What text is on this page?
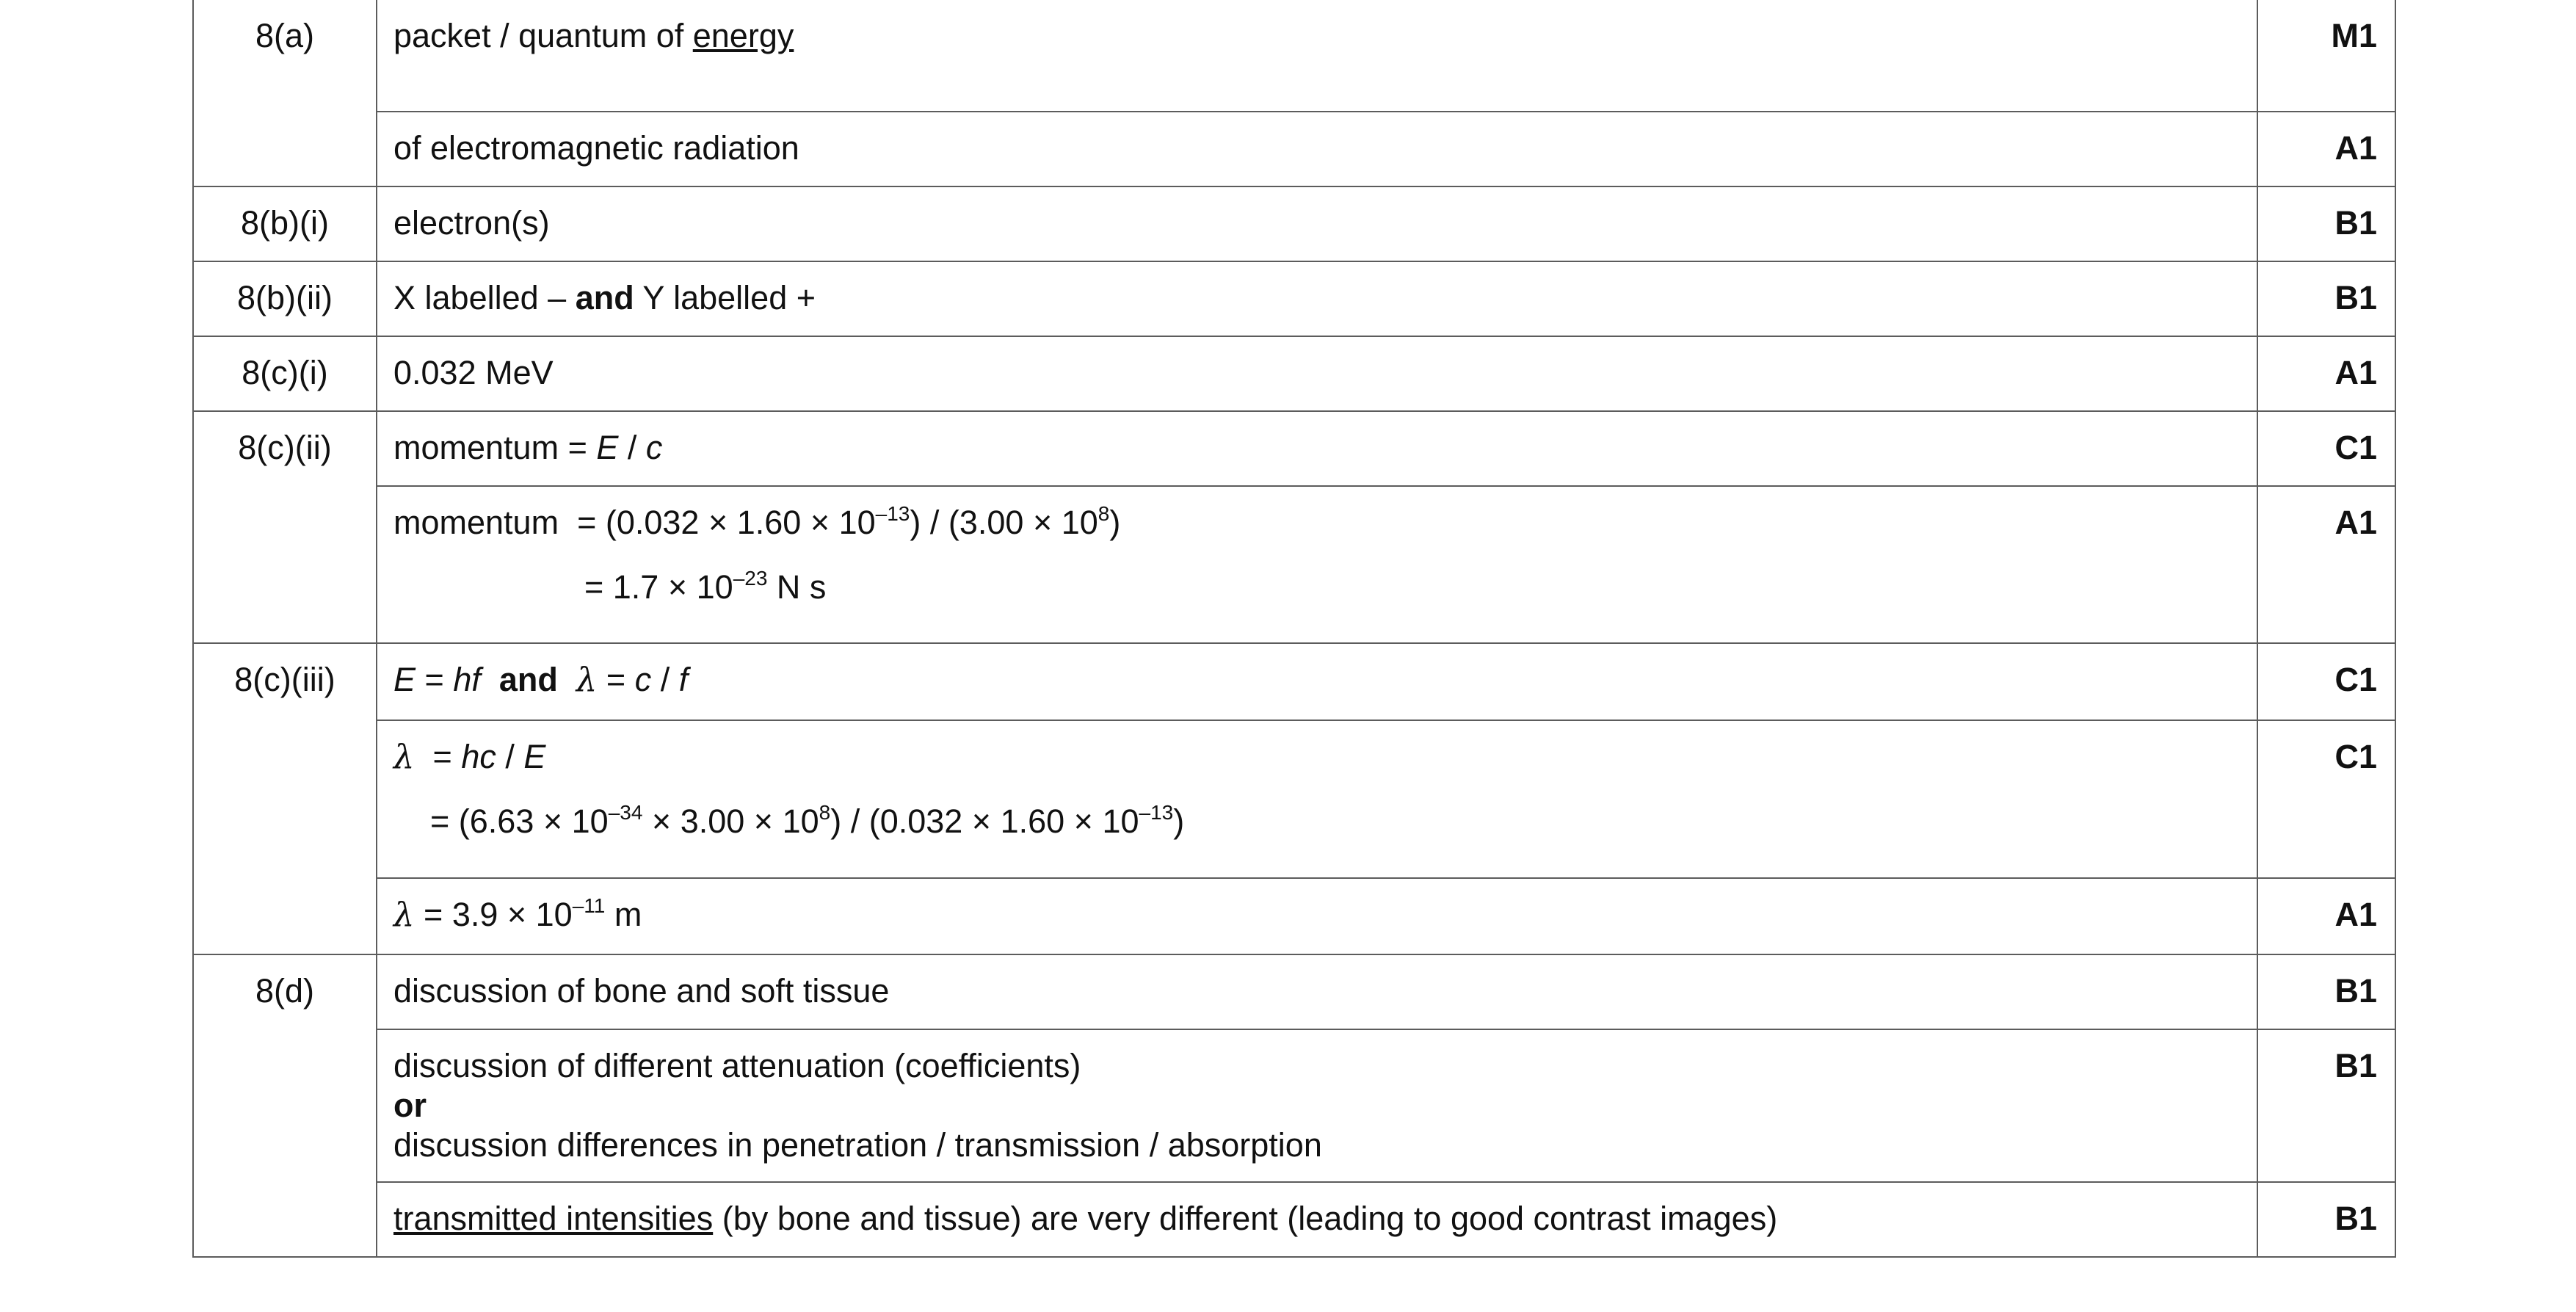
8(a)	packet / quantum of energy	M1
	of electromagnetic radiation	A1
8(b)(i)	electron(s)	B1
8(b)(ii)	X labelled – and Y labelled +	B1
8(c)(i)	0.032 MeV	A1
8(c)(ii)	momentum = E / c	C1

	momentum  = $(0.032 \times 1.60 \times 10^{-13}) / (3.00 \times 10^8)$
= $1.7 \times 10^{-23}$ N s	A1
8(c)(iii)	E = hf and λ = c / f	C1

	λ  = hc / E
= $(6.63 \times 10^{-34} \times 3.00 \times 10^8) / (0.032 \times 1.60 \times 10^{-13})$	C1
	$\lambda = 3.9 \times 10^{-11}$ m	A1
8(d)	discussion of bone and soft tissue	B1

	discussion of different attenuation (coefficients)
or
discussion differences in penetration / transmission / absorption	B1
	transmitted intensities (by bone and tissue) are very different (leading to good contrast images)	B1
